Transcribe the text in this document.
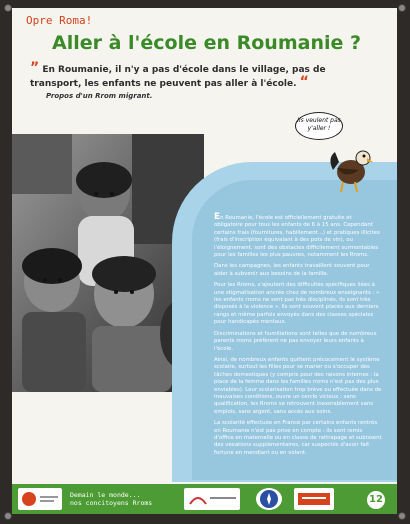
Opre Roma!
Aller à l'école en Roumanie ?
” En Roumanie, il n'y a pas d'école dans le village, pas de transport, les enfants ne peuvent pas aller à l'école. “
Propos d'un Rrom migrant.
Ils veulent pas y'aller !

En Roumanie, l'école est officiellement gratuite et obligatoire pour tous les enfants de 6 à 15 ans. Cependant certains frais (fournitures, habillement...) et pratiques illicites (frais d'inscription équivalant à des pots de vin), ou l'éloignement, sont des obstacles difficilement surmontables pour les familles les plus pauvres, notamment les Rroms.

Dans les campagnes, les enfants travaillent souvent pour aider à subvenir aux besoins de la famille.

Pour les Rroms, s'ajoutent des difficultés spécifiques liées à une stigmatisation ancrée chez de nombreux enseignants : « les enfants rroms ne sont pas très disciplinés, ils sont très disposés à la violence ». Ils sont souvent placés aux derniers rangs et même parfois envoyés dans des classes spéciales pour handicapés mentaux.

Discriminations et humiliations sont telles que de nombreux parents rroms préfèrent ne pas envoyer leurs enfants à l'école.

Ainsi, de nombreux enfants quittent précocement le système scolaire, surtout les filles pour se marier ou s'occuper des tâches domestiques (y compris pour des raisons internes : la place de la femme dans les familles rroms n'est pas des plus enviables). Leur scolarisation trop brève ou effectuée dans de mauvaises conditions, ouvre un cercle vicieux : sans qualification, les Rroms se retrouvent inexorablement sans emplois, sans argent, sans accès aux soins.

La scolarité effectuée en France par certains enfants rentrés en Roumanie n'est pas prise en compte : ils sont remis d'office en maternelle ou en classe de rattrapage et subissent des vexations supplémentaires, car suspectés d'avoir fait fortune en mendiant ou en volant.

Demain le monde...
nos concitoyens Rroms	12
